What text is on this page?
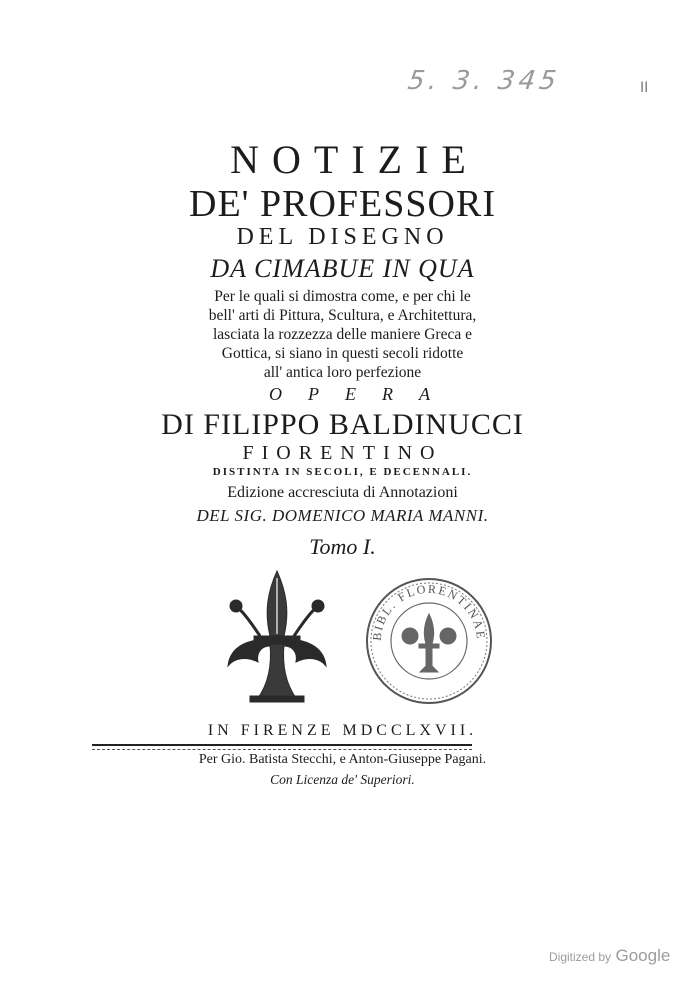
5. 3. 345	II

NOTIZIE

DE' PROFESSORI

DEL DISEGNO

DA CIMABUE IN QUA

Per le quali si dimostra come, e per chi le

bell' arti di Pittura, Scultura, e Architettura,

lasciata la rozzezza delle maniere Greca e

Gottica, si siano in questi secoli ridotte

all' antica loro perfezione

OPERA

DI FILIPPO BALDINUCCI

FIORENTINO

DISTINTA IN SECOLI, E DECENNALI.

Edizione accresciuta di Annotazioni

DEL SIG. DOMENICO MARIA MANNI.

Tomo I.

BIBL. FLORENTINAE

IN FIRENZE MDCCLXVII.

Per Gio. Batista Stecchi, e Anton-Giuseppe Pagani.

Con Licenza de' Superiori.

Digitized by Google
